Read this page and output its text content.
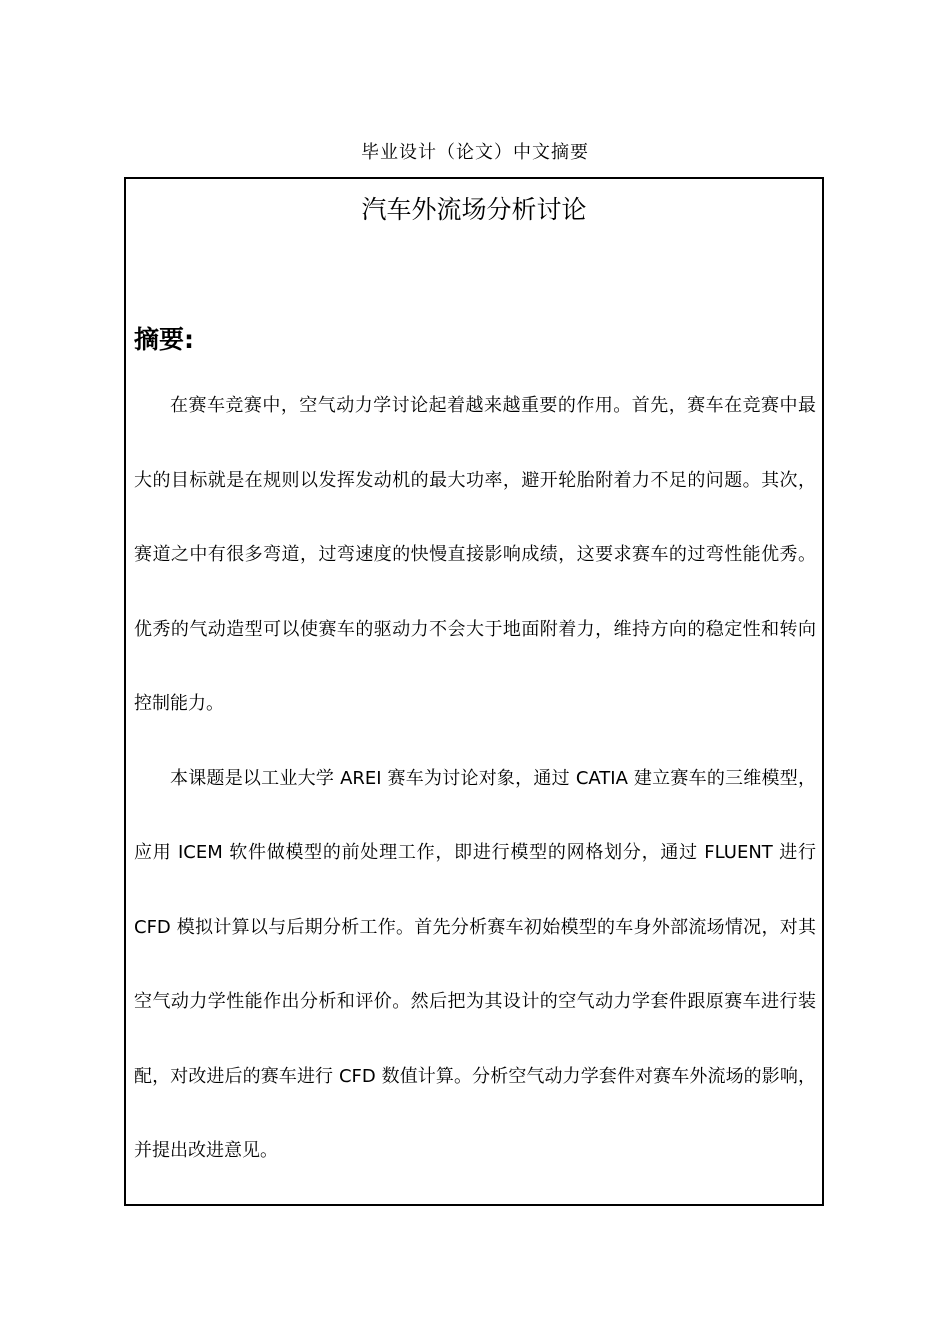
毕业设计（论文）中文摘要
汽车外流场分析讨论
摘要:

在赛车竞赛中，空气动力学讨论起着越来越重要的作用。首先，赛车在竞赛中最大的目标就是在规则以发挥发动机的最大功率，避开轮胎附着力不足的问题。其次，赛道之中有很多弯道，过弯速度的快慢直接影响成绩，这要求赛车的过弯性能优秀。优秀的气动造型可以使赛车的驱动力不会大于地面附着力，维持方向的稳定性和转向控制能力。

本课题是以工业大学 AREI 赛车为讨论对象，通过 CATIA 建立赛车的三维模型，应用 ICEM 软件做模型的前处理工作，即进行模型的网格划分，通过 FLUENT 进行 CFD 模拟计算以与后期分析工作。首先分析赛车初始模型的车身外部流场情况，对其空气动力学性能作出分析和评价。然后把为其设计的空气动力学套件跟原赛车进行装配，对改进后的赛车进行 CFD 数值计算。分析空气动力学套件对赛车外流场的影响，并提出改进意见。
